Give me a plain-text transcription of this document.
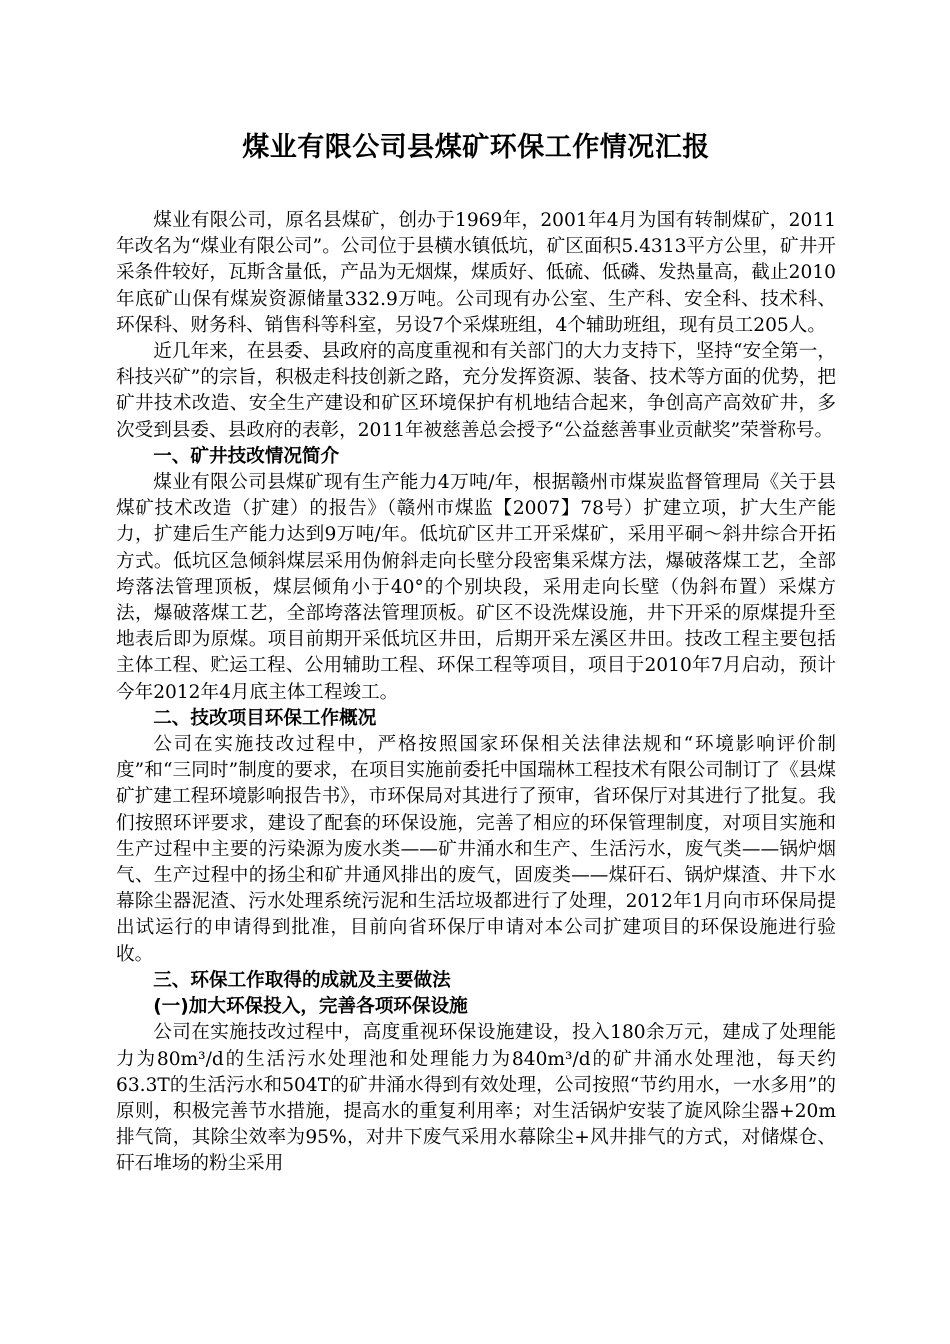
煤业有限公司县煤矿环保工作情况汇报

煤业有限公司，原名县煤矿，创办于1969年，2001年4月为国有转制煤矿，2011年改名为“煤业有限公司”。公司位于县横水镇低坑，矿区面积5.4313平方公里，矿井开采条件较好，瓦斯含量低，产品为无烟煤，煤质好、低硫、低磷、发热量高，截止2010年底矿山保有煤炭资源储量332.9万吨。公司现有办公室、生产科、安全科、技术科、环保科、财务科、销售科等科室，另设7个采煤班组，4个辅助班组，现有员工205人。

近几年来，在县委、县政府的高度重视和有关部门的大力支持下，坚持“安全第一，科技兴矿”的宗旨，积极走科技创新之路，充分发挥资源、装备、技术等方面的优势，把矿井技术改造、安全生产建设和矿区环境保护有机地结合起来，争创高产高效矿井，多次受到县委、县政府的表彰，2011年被慈善总会授予“公益慈善事业贡献奖”荣誉称号。

一、矿井技改情况简介

煤业有限公司县煤矿现有生产能力4万吨/年，根据赣州市煤炭监督管理局《关于县煤矿技术改造（扩建）的报告》（赣州市煤监【2007】78号）扩建立项，扩大生产能力，扩建后生产能力达到9万吨/年。低坑矿区井工开采煤矿，采用平硐～斜井综合开拓方式。低坑区急倾斜煤层采用伪俯斜走向长壁分段密集采煤方法，爆破落煤工艺，全部垮落法管理顶板，煤层倾角小于40°的个别块段，采用走向长壁（伪斜布置）采煤方法，爆破落煤工艺，全部垮落法管理顶板。矿区不设洗煤设施，井下开采的原煤提升至地表后即为原煤。项目前期开采低坑区井田，后期开采左溪区井田。技改工程主要包括主体工程、贮运工程、公用辅助工程、环保工程等项目，项目于2010年7月启动，预计今年2012年4月底主体工程竣工。

二、技改项目环保工作概况

公司在实施技改过程中，严格按照国家环保相关法律法规和“环境影响评价制度”和“三同时”制度的要求，在项目实施前委托中国瑞林工程技术有限公司制订了《县煤矿扩建工程环境影响报告书》，市环保局对其进行了预审，省环保厅对其进行了批复。我们按照环评要求，建设了配套的环保设施，完善了相应的环保管理制度，对项目实施和生产过程中主要的污染源为废水类——矿井涌水和生产、生活污水，废气类——锅炉烟气、生产过程中的扬尘和矿井通风排出的废气，固废类——煤矸石、锅炉煤渣、井下水幕除尘器泥渣、污水处理系统污泥和生活垃圾都进行了处理，2012年1月向市环保局提出试运行的申请得到批准，目前向省环保厅申请对本公司扩建项目的环保设施进行验收。

三、环保工作取得的成就及主要做法

(一)加大环保投入，完善各项环保设施

公司在实施技改过程中，高度重视环保设施建设，投入180余万元，建成了处理能力为80m³/d的生活污水处理池和处理能力为840m³/d的矿井涌水处理池，每天约63.3T的生活污水和504T的矿井涌水得到有效处理，公司按照“节约用水，一水多用”的原则，积极完善节水措施，提高水的重复利用率；对生活锅炉安装了旋风除尘器+20m排气筒，其除尘效率为95%，对井下废气采用水幕除尘+风井排气的方式，对储煤仓、矸石堆场的粉尘采用
